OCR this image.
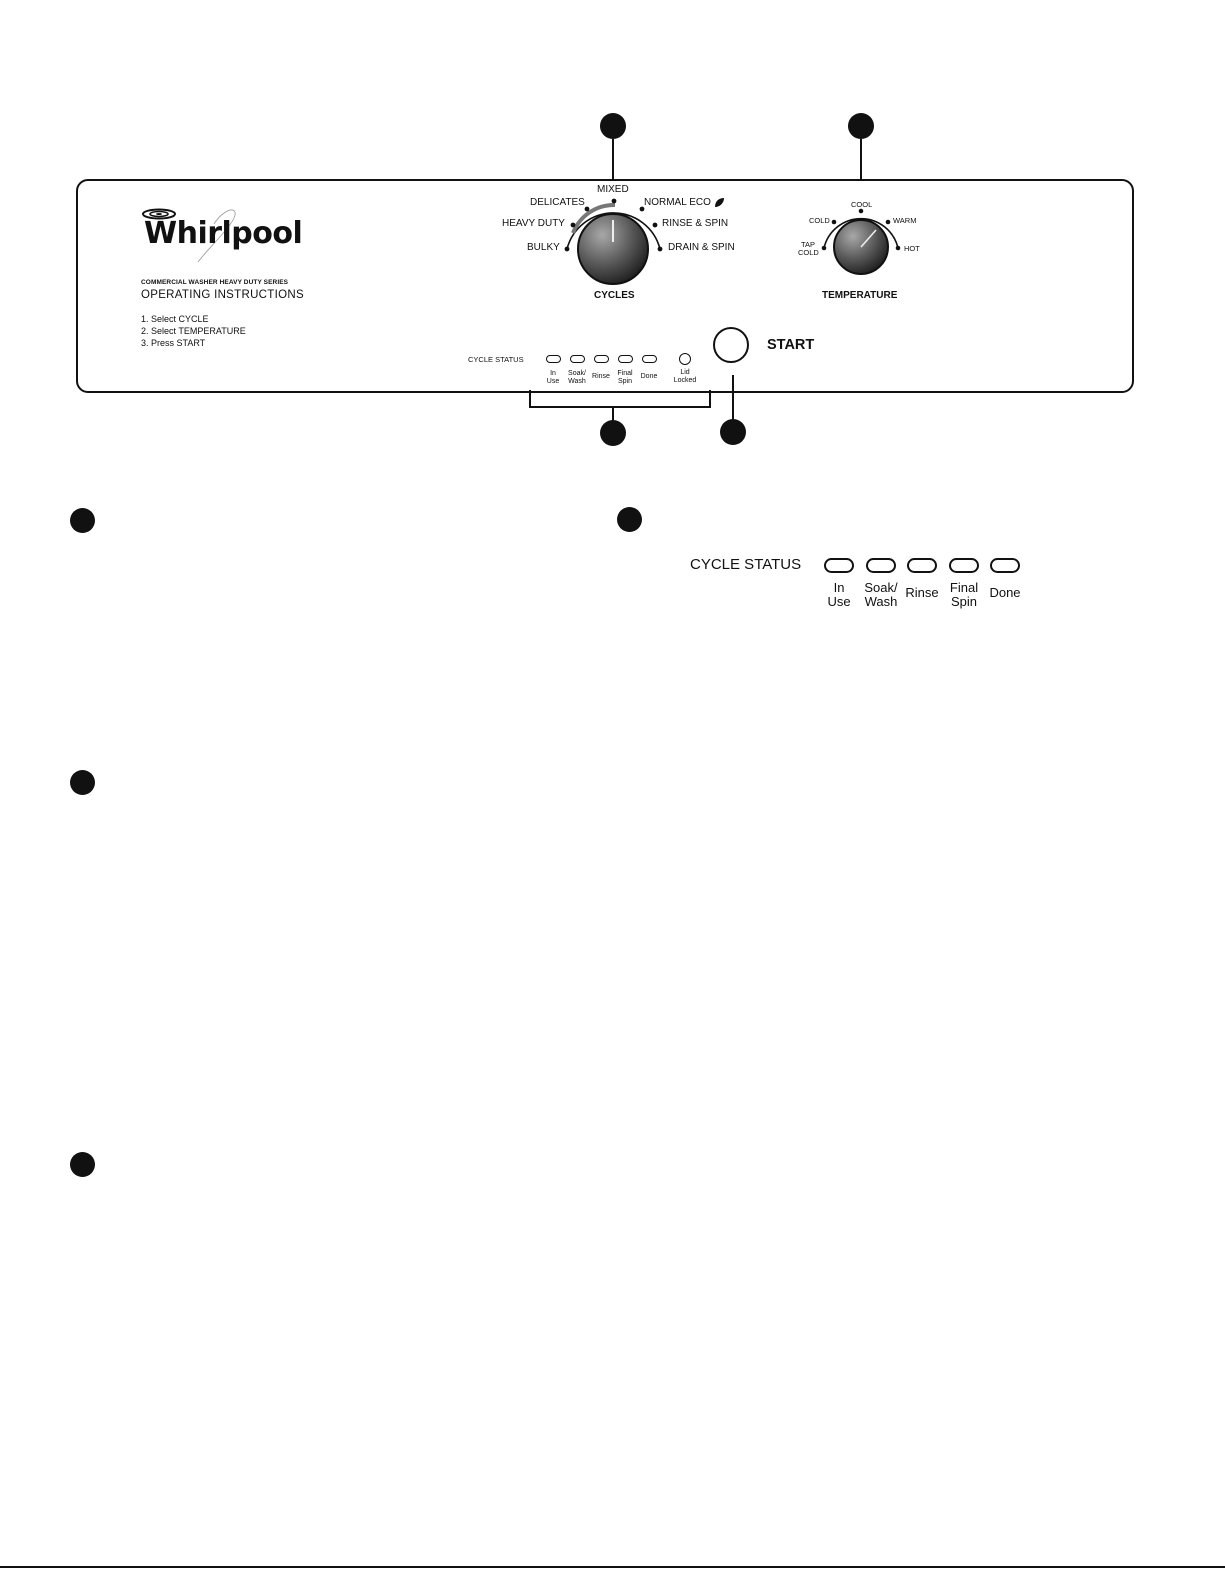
Whirlpool
COMMERCIAL WASHER HEAVY DUTY SERIES
OPERATING INSTRUCTIONS
1. Select CYCLE
2. Select TEMPERATURE
3. Press START
MIXED
DELICATES	NORMAL ECO
HEAVY DUTY	RINSE & SPIN
BULKY	DRAIN & SPIN
CYCLES
COOL
COLD	WARM
TAP
COLD	HOT
TEMPERATURE
CYCLE STATUS
In
Use
Soak/
Wash
Rinse	Final
Spin
Done
Lid
Locked
START
CYCLE STATUS
In
Use
Soak/
Wash
Rinse Final
Spin
Done
